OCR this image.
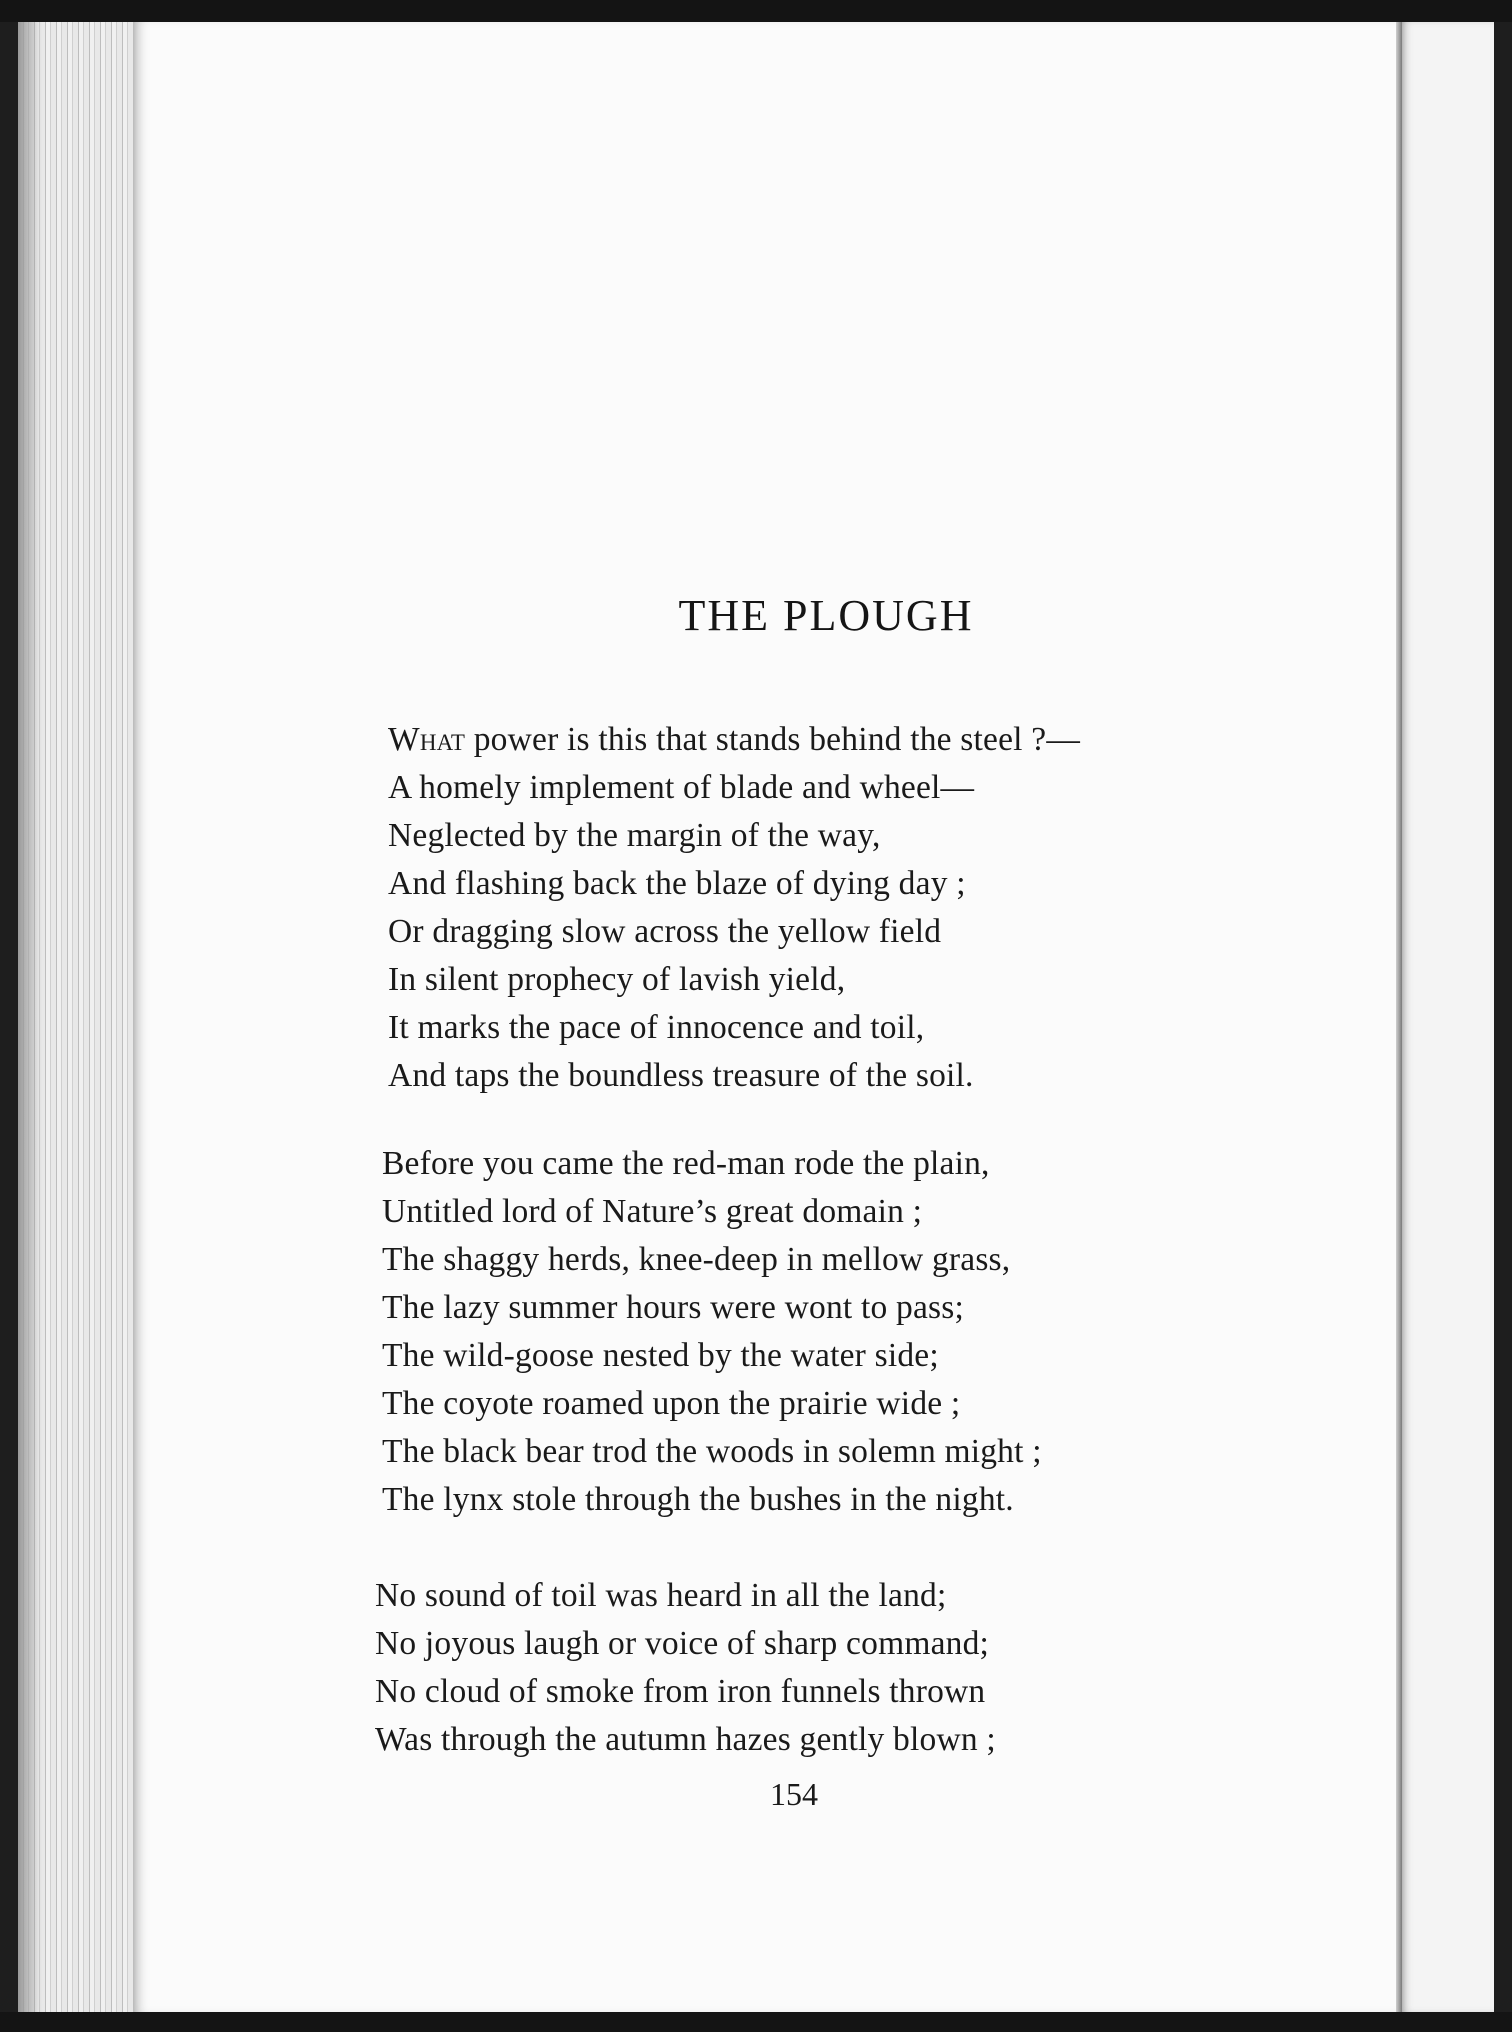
THE PLOUGH
What power is this that stands behind the steel ?—
A homely implement of blade and wheel—
Neglected by the margin of the way,
And flashing back the blaze of dying day ;
Or dragging slow across the yellow field
In silent prophecy of lavish yield,
It marks the pace of innocence and toil,
And taps the boundless treasure of the soil.
Before you came the red-man rode the plain,
Untitled lord of Nature’s great domain ;
The shaggy herds, knee-deep in mellow grass,
The lazy summer hours were wont to pass;
The wild-goose nested by the water side;
The coyote roamed upon the prairie wide ;
The black bear trod the woods in solemn might ;
The lynx stole through the bushes in the night.
No sound of toil was heard in all the land;
No joyous laugh or voice of sharp command;
No cloud of smoke from iron funnels thrown
Was through the autumn hazes gently blown ;
154
